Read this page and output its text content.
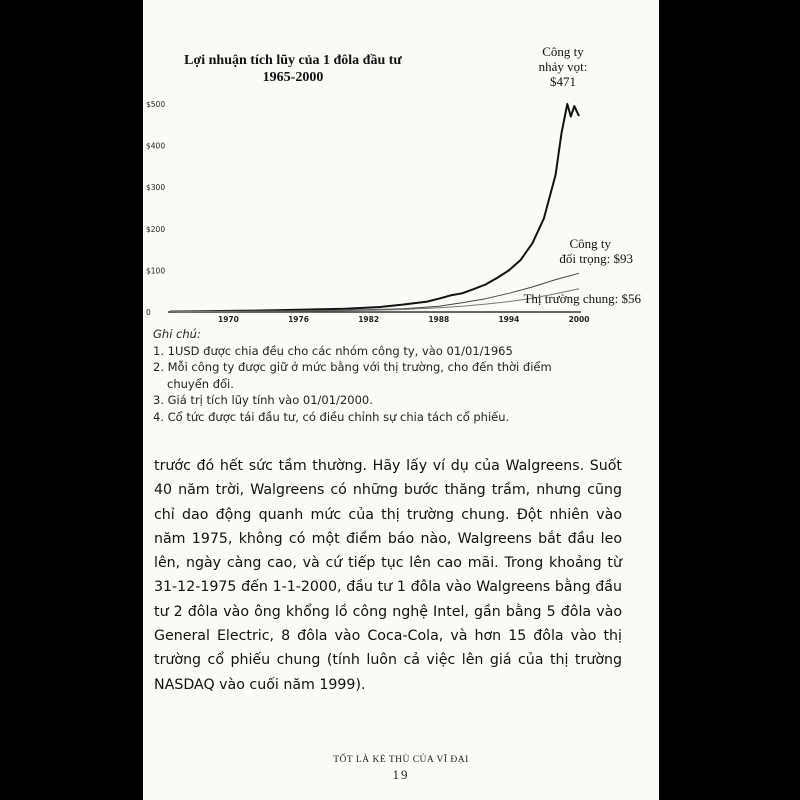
Lợi nhuận tích lũy của 1 đôla đầu tư
1965-2000
0
$100
$200
$300
$400
$500
1970	1976	1982	1988	1994	2000
Công ty
nhảy vọt:
$471
Công ty
đối trọng: $93
Thị trường chung: $56
Ghi chú:
1. 1USD được chia đều cho các nhóm công ty, vào 01/01/1965
2. Mỗi công ty được giữ ở mức bằng với thị trường, cho đến thời điểm chuyển đổi.
3. Giá trị tích lũy tính vào 01/01/2000.
4. Cổ tức được tái đầu tư, có điều chỉnh sự chia tách cổ phiếu.

trước đó hết sức tầm thường. Hãy lấy ví dụ của Walgreens. Suốt 40 năm trời, Walgreens có những bước thăng trầm, nhưng cũng chỉ dao động quanh mức của thị trường chung. Đột nhiên vào năm 1975, không có một điềm báo nào, Walgreens bắt đầu leo lên, ngày càng cao, và cứ tiếp tục lên cao mãi. Trong khoảng từ 31-12-1975 đến 1-1-2000, đầu tư 1 đôla vào Walgreens bằng đầu tư 2 đôla vào ông khổng lồ công nghệ Intel, gần bằng 5 đôla vào General Electric, 8 đôla vào Coca-Cola, và hơn 15 đôla vào thị trường cổ phiếu chung (tính luôn cả việc lên giá của thị trường NASDAQ vào cuối năm 1999).

TỐT LÀ KẺ THÙ CỦA VĨ ĐẠI
19
